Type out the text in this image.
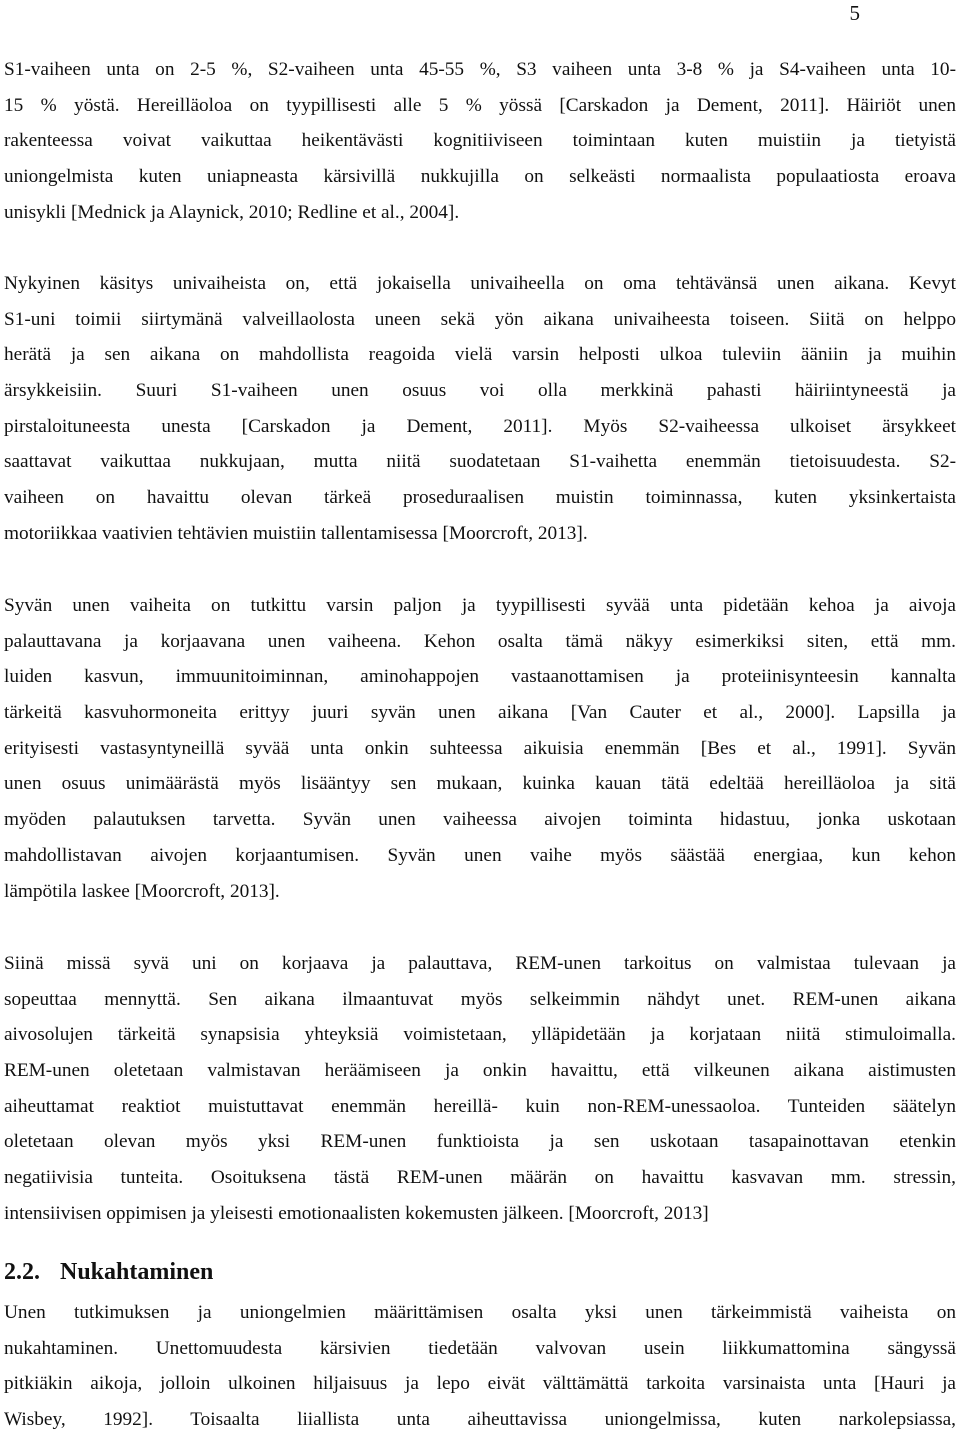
5
S1-vaiheen unta on 2-5 %, S2-vaiheen unta 45-55 %, S3 vaiheen unta 3-8 % ja S4-vaiheen unta 10-
15 % yöstä. Hereilläoloa on tyypillisesti alle 5 % yössä [Carskadon ja Dement, 2011]. Häiriöt unen
rakenteessa voivat vaikuttaa heikentävästi kognitiiviseen toimintaan kuten muistiin ja tietyistä
uniongelmista kuten uniapneasta kärsivillä nukkujilla on selkeästi normaalista populaatiosta eroava
unisykli [Mednick ja Alaynick, 2010; Redline et al., 2004].
Nykyinen käsitys univaiheista on, että jokaisella univaiheella on oma tehtävänsä unen aikana. Kevyt
S1-uni toimii siirtymänä valveillaolosta uneen sekä yön aikana univaiheesta toiseen. Siitä on helppo
herätä ja sen aikana on mahdollista reagoida vielä varsin helposti ulkoa tuleviin ääniin ja muihin
ärsykkeisiin. Suuri S1-vaiheen unen osuus voi olla merkkinä pahasti häiriintyneestä ja
pirstaloituneesta unesta [Carskadon ja Dement, 2011]. Myös S2-vaiheessa ulkoiset ärsykkeet
saattavat vaikuttaa nukkujaan, mutta niitä suodatetaan S1-vaihetta enemmän tietoisuudesta. S2-
vaiheen on havaittu olevan tärkeä proseduraalisen muistin toiminnassa, kuten yksinkertaista
motoriikkaa vaativien tehtävien muistiin tallentamisessa [Moorcroft, 2013].
Syvän unen vaiheita on tutkittu varsin paljon ja tyypillisesti syvää unta pidetään kehoa ja aivoja
palauttavana ja korjaavana unen vaiheena. Kehon osalta tämä näkyy esimerkiksi siten, että mm.
luiden kasvun, immuunitoiminnan, aminohappojen vastaanottamisen ja proteiinisynteesin kannalta
tärkeitä kasvuhormoneita erittyy juuri syvän unen aikana [Van Cauter et al., 2000]. Lapsilla ja
erityisesti vastasyntyneillä syvää unta onkin suhteessa aikuisia enemmän [Bes et al., 1991]. Syvän
unen osuus unimäärästä myös lisääntyy sen mukaan, kuinka kauan tätä edeltää hereilläoloa ja sitä
myöden palautuksen tarvetta. Syvän unen vaiheessa aivojen toiminta hidastuu, jonka uskotaan
mahdollistavan aivojen korjaantumisen. Syvän unen vaihe myös säästää energiaa, kun kehon
lämpötila laskee [Moorcroft, 2013].
Siinä missä syvä uni on korjaava ja palauttava, REM-unen tarkoitus on valmistaa tulevaan ja
sopeuttaa mennyttä. Sen aikana ilmaantuvat myös selkeimmin nähdyt unet. REM-unen aikana
aivosolujen tärkeitä synapsisia yhteyksiä voimistetaan, ylläpidetään ja korjataan niitä stimuloimalla.
REM-unen oletetaan valmistavan heräämiseen ja onkin havaittu, että vilkeunen aikana aistimusten
aiheuttamat reaktiot muistuttavat enemmän hereillä- kuin non-REM-unessaoloa. Tunteiden säätelyn
oletetaan olevan myös yksi REM-unen funktioista ja sen uskotaan tasapainottavan etenkin
negatiivisia tunteita. Osoituksena tästä REM-unen määrän on havaittu kasvavan mm. stressin,
intensiivisen oppimisen ja yleisesti emotionaalisten kokemusten jälkeen. [Moorcroft, 2013]
2.2. Nukahtaminen
Unen tutkimuksen ja uniongelmien määrittämisen osalta yksi unen tärkeimmistä vaiheista on
nukahtaminen. Unettomuudesta kärsivien tiedetään valvovan usein liikkumattomina sängyssä
pitkiäkin aikoja, jolloin ulkoinen hiljaisuus ja lepo eivät välttämättä tarkoita varsinaista unta [Hauri ja
Wisbey, 1992]. Toisaalta liiallista unta aiheuttavissa uniongelmissa, kuten narkolepsiassa,
